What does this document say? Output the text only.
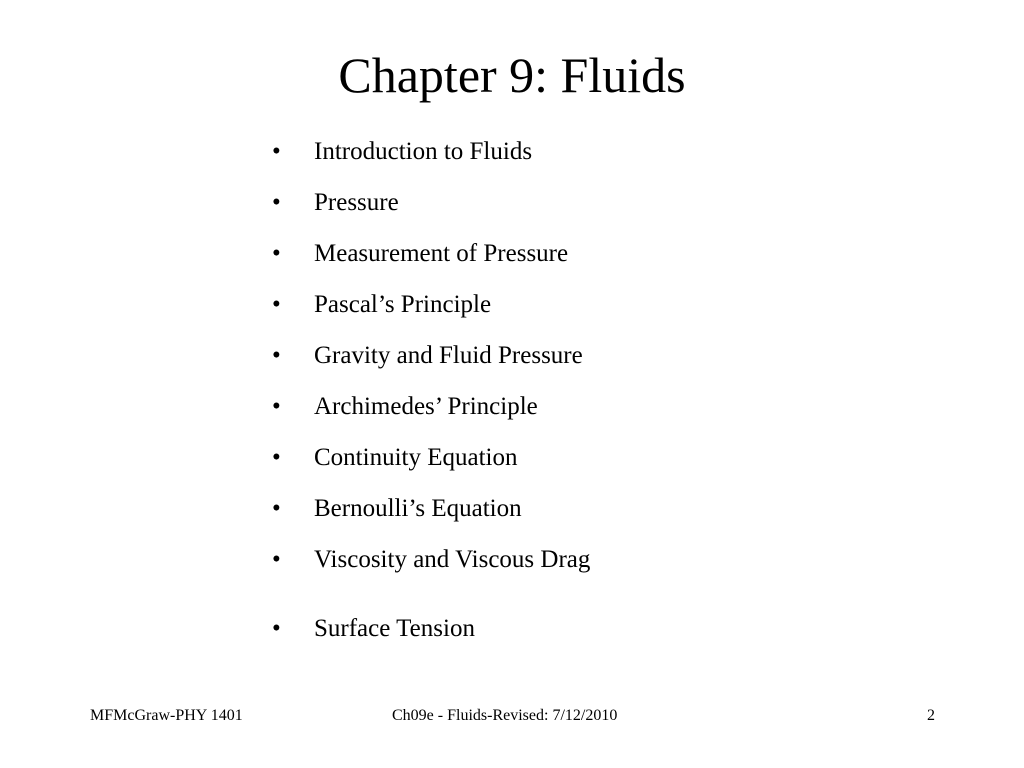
Chapter 9: Fluids
• Introduction to Fluids
• Pressure
• Measurement of Pressure
• Pascal’s Principle
• Gravity and Fluid Pressure
• Archimedes’ Principle
• Continuity Equation
• Bernoulli’s Equation
• Viscosity and Viscous Drag
• Surface Tension
MFMcGraw-PHY 1401	Ch09e - Fluids-Revised: 7/12/2010	2
